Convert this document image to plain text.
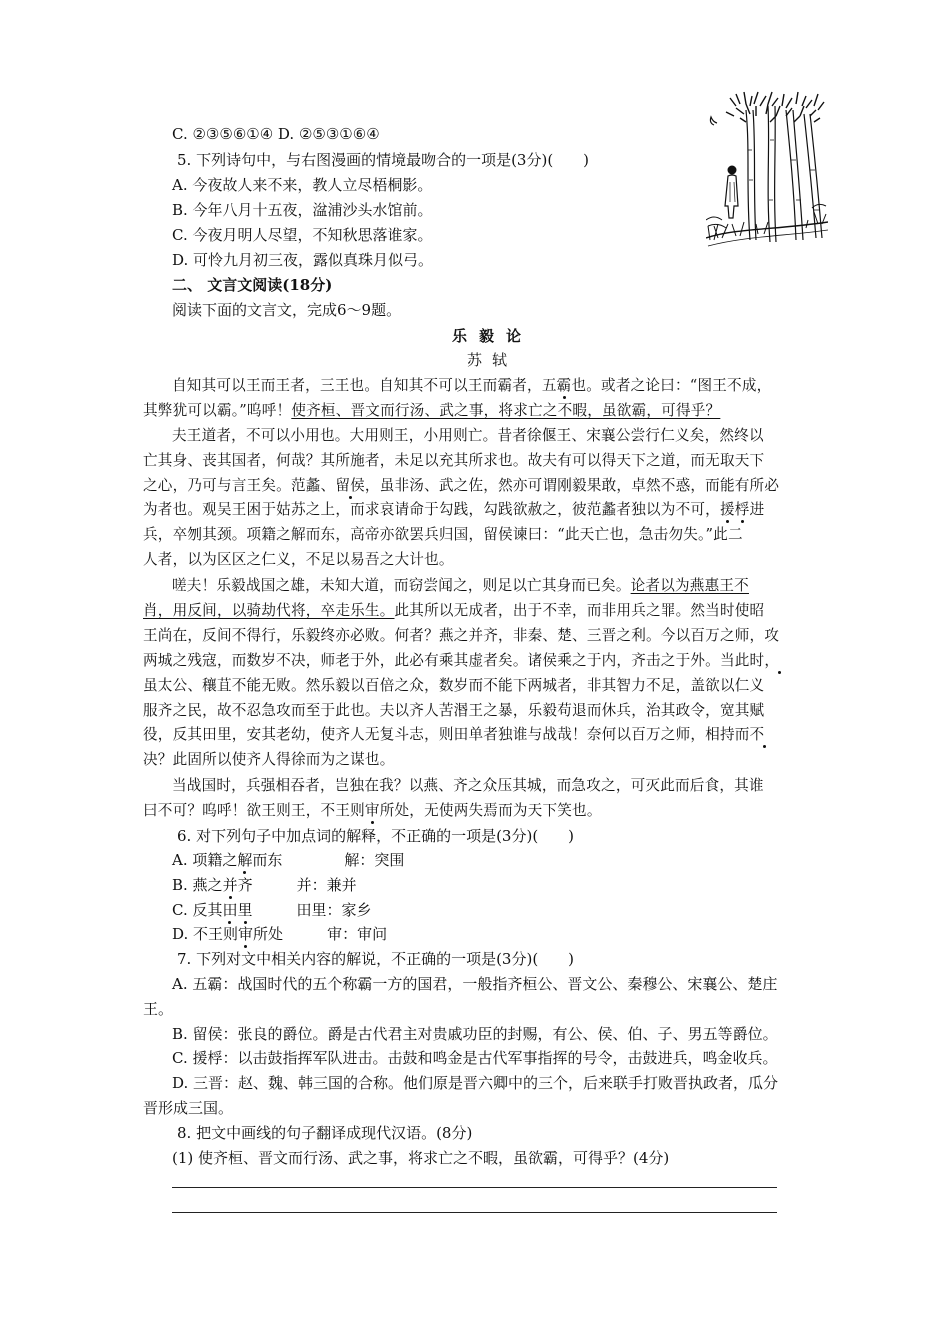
C. ②③⑤⑥①④ D. ②⑤③①⑥④
5. 下列诗句中，与右图漫画的情境最吻合的一项是(3分)(　　)
A. 今夜故人来不来，教人立尽梧桐影。
B. 今年八月十五夜，湓浦沙头水馆前。
C. 今夜月明人尽望，不知秋思落谁家。
D. 可怜九月初三夜，露似真珠月似弓。
二、 文言文阅读(18分)
阅读下面的文言文，完成6～9题。
乐毅论
苏轼
自知其可以王而王者，三王也。自知其不可以王而霸者，五霸也。或者之论曰：“图王不成，
其弊犹可以霸。”呜呼！使齐桓、晋文而行汤、武之事，将求亡之不暇，虽欲霸，可得乎？
夫王道者，不可以小用也。大用则王，小用则亡。昔者徐偃王、宋襄公尝行仁义矣，然终以
亡其身、丧其国者，何哉？其所施者，未足以充其所求也。故夫有可以得天下之道，而无取天下
之心，乃可与言王矣。范蠡、留侯，虽非汤、武之佐，然亦可谓刚毅果敢，卓然不惑，而能有所必
为者也。观吴王困于姑苏之上，而求哀请命于勾践，勾践欲赦之，彼范蠡者独以为不可，援桴进
兵，卒刎其颈。项籍之解而东，高帝亦欲罢兵归国，留侯谏曰：“此天亡也，急击勿失。”此二
人者，以为区区之仁义，不足以易吾之大计也。
嗟夫！乐毅战国之雄，未知大道，而窃尝闻之，则足以亡其身而已矣。论者以为燕惠王不
肖，用反间，以骑劫代将，卒走乐生。此其所以无成者，出于不幸，而非用兵之罪。然当时使昭
王尚在，反间不得行，乐毅终亦必败。何者？燕之并齐，非秦、楚、三晋之利。今以百万之师，攻
两城之残寇，而数岁不决，师老于外，此必有乘其虚者矣。诸侯乘之于内，齐击之于外。当此时，
虽太公、穰苴不能无败。然乐毅以百倍之众，数岁而不能下两城者，非其智力不足，盖欲以仁义
服齐之民，故不忍急攻而至于此也。夫以齐人苦湣王之暴，乐毅苟退而休兵，治其政令，宽其赋
役，反其田里，安其老幼，使齐人无复斗志，则田单者独谁与战哉！奈何以百万之师，相持而不
决？此固所以使齐人得徐而为之谋也。
当战国时，兵强相吞者，岂独在我？以燕、齐之众压其城，而急攻之，可灭此而后食，其谁
曰不可？呜呼！欲王则王，不王则审所处，无使两失焉而为天下笑也。
6. 对下列句子中加点词的解释，不正确的一项是(3分)(　　)
A. 项籍之解而东	解：突围
B. 燕之并齐	并：兼并
C. 反其田里	田里：家乡
D. 不王则审所处	审：审问
7. 下列对文中相关内容的解说，不正确的一项是(3分)(　　)
A. 五霸：战国时代的五个称霸一方的国君，一般指齐桓公、晋文公、秦穆公、宋襄公、楚庄
王。
B. 留侯：张良的爵位。爵是古代君主对贵戚功臣的封赐，有公、侯、伯、子、男五等爵位。
C. 援桴：以击鼓指挥军队进击。击鼓和鸣金是古代军事指挥的号令，击鼓进兵，鸣金收兵。
D. 三晋：赵、魏、韩三国的合称。他们原是晋六卿中的三个，后来联手打败晋执政者，瓜分
晋形成三国。
8. 把文中画线的句子翻译成现代汉语。(8分)
(1) 使齐桓、晋文而行汤、武之事，将求亡之不暇，虽欲霸，可得乎？(4分)
